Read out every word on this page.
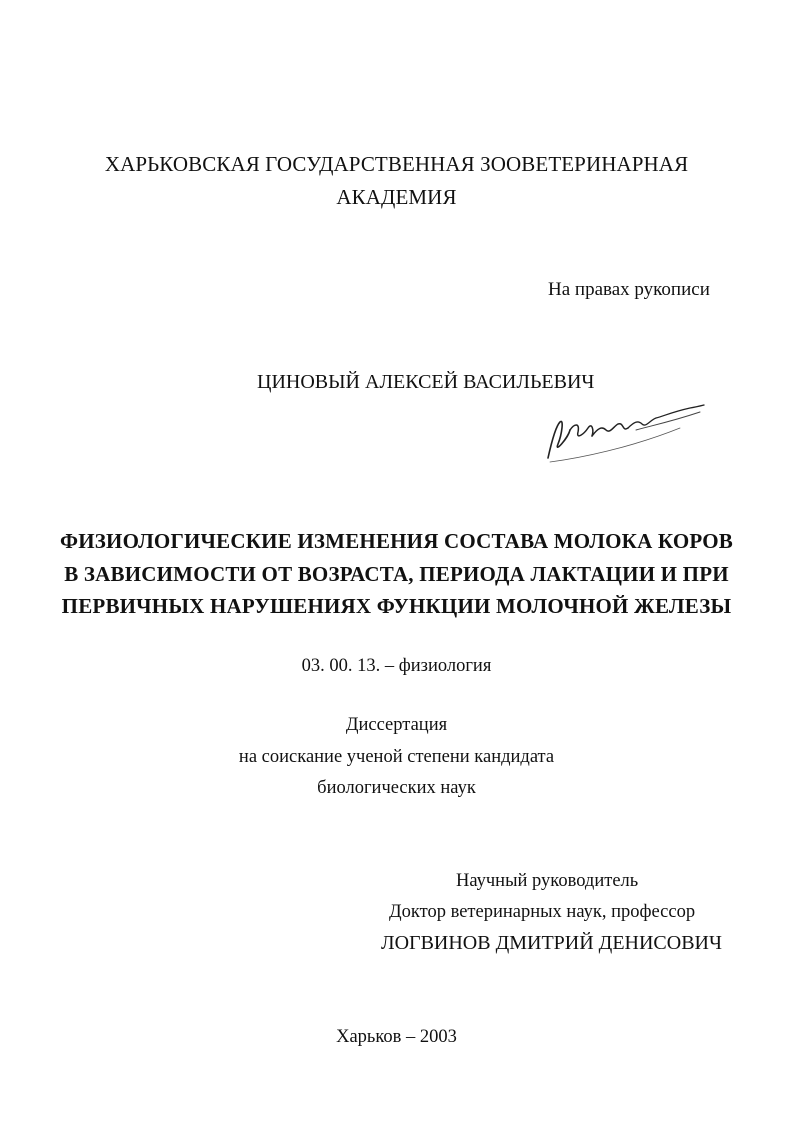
ХАРЬКОВСКАЯ ГОСУДАРСТВЕННАЯ ЗООВЕТЕРИНАРНАЯ
АКАДЕМИЯ
На правах рукописи
ЦИНОВЫЙ АЛЕКСЕЙ ВАСИЛЬЕВИЧ
ФИЗИОЛОГИЧЕСКИЕ ИЗМЕНЕНИЯ СОСТАВА МОЛОКА КОРОВ
В ЗАВИСИМОСТИ ОТ ВОЗРАСТА, ПЕРИОДА ЛАКТАЦИИ И ПРИ
ПЕРВИЧНЫХ НАРУШЕНИЯХ ФУНКЦИИ МОЛОЧНОЙ ЖЕЛЕЗЫ
03. 00. 13. – физиология
Диссертация
на соискание ученой степени кандидата
биологических наук
Научный руководитель
Доктор ветеринарных наук, профессор
ЛОГВИНОВ ДМИТРИЙ ДЕНИСОВИЧ
Харьков – 2003
